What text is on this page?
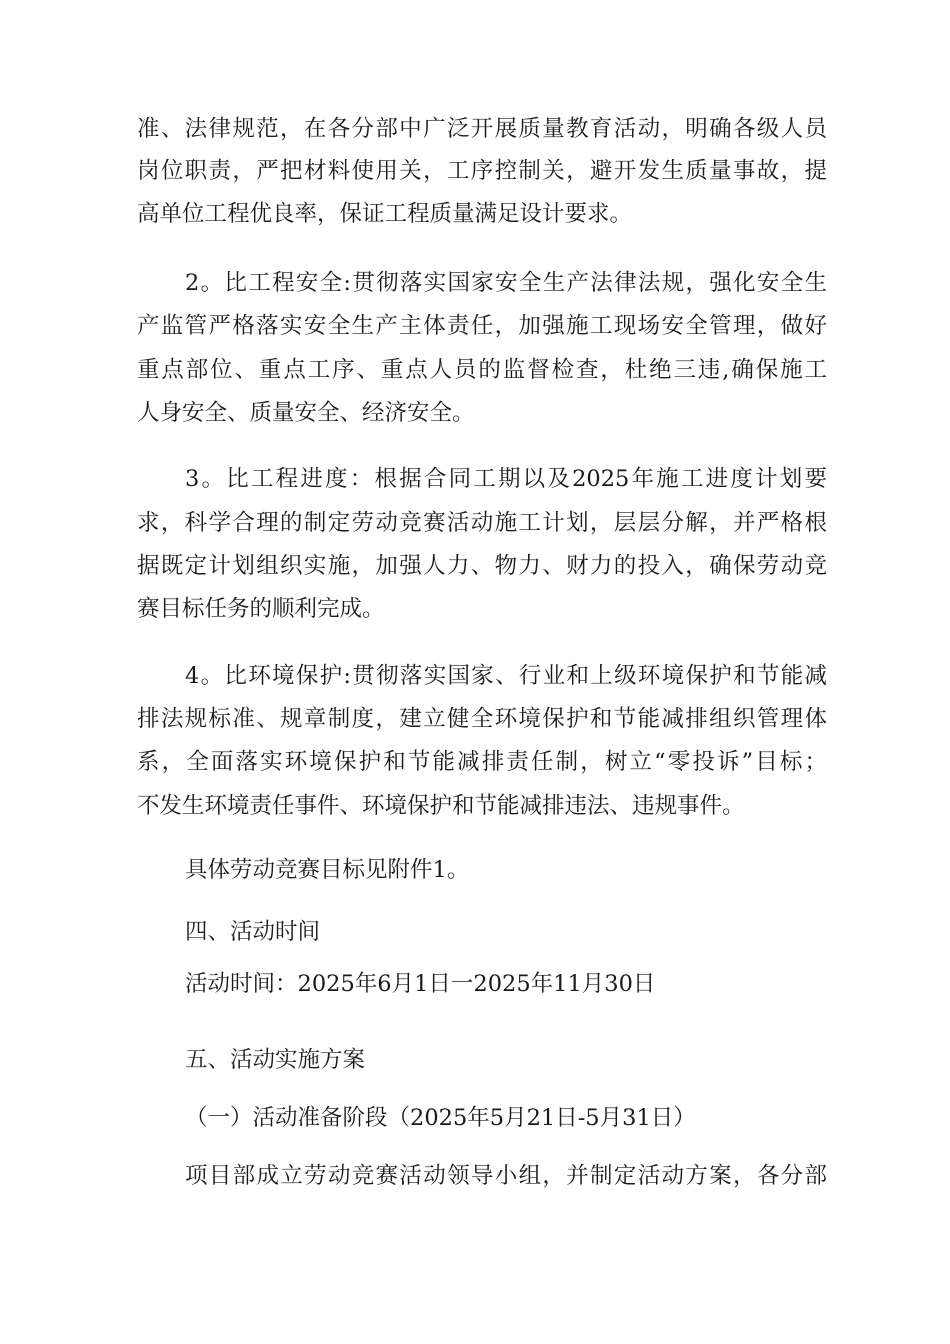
准、法律规范，在各分部中广泛开展质量教育活动，明确各级人员
岗位职责，严把材料使用关，工序控制关，避开发生质量事故，提
高单位工程优良率，保证工程质量满足设计要求。
2。比工程安全:贯彻落实国家安全生产法律法规，强化安全生
产监管严格落实安全生产主体责任，加强施工现场安全管理，做好
重点部位、重点工序、重点人员的监督检查，杜绝三违,确保施工
人身安全、质量安全、经济安全。
3。比工程进度：根据合同工期以及2025年施工进度计划要
求，科学合理的制定劳动竞赛活动施工计划，层层分解，并严格根
据既定计划组织实施，加强人力、物力、财力的投入，确保劳动竞
赛目标任务的顺利完成。
4。比环境保护:贯彻落实国家、行业和上级环境保护和节能减
排法规标准、规章制度，建立健全环境保护和节能减排组织管理体
系，全面落实环境保护和节能减排责任制，树立“零投诉”目标；
不发生环境责任事件、环境保护和节能减排违法、违规事件。
具体劳动竞赛目标见附件1。
四、活动时间
活动时间：2025年6月1日一2025年11月30日
五、活动实施方案
（一）活动准备阶段（2025年5月21日-5月31日）
项目部成立劳动竞赛活动领导小组，并制定活动方案，各分部
